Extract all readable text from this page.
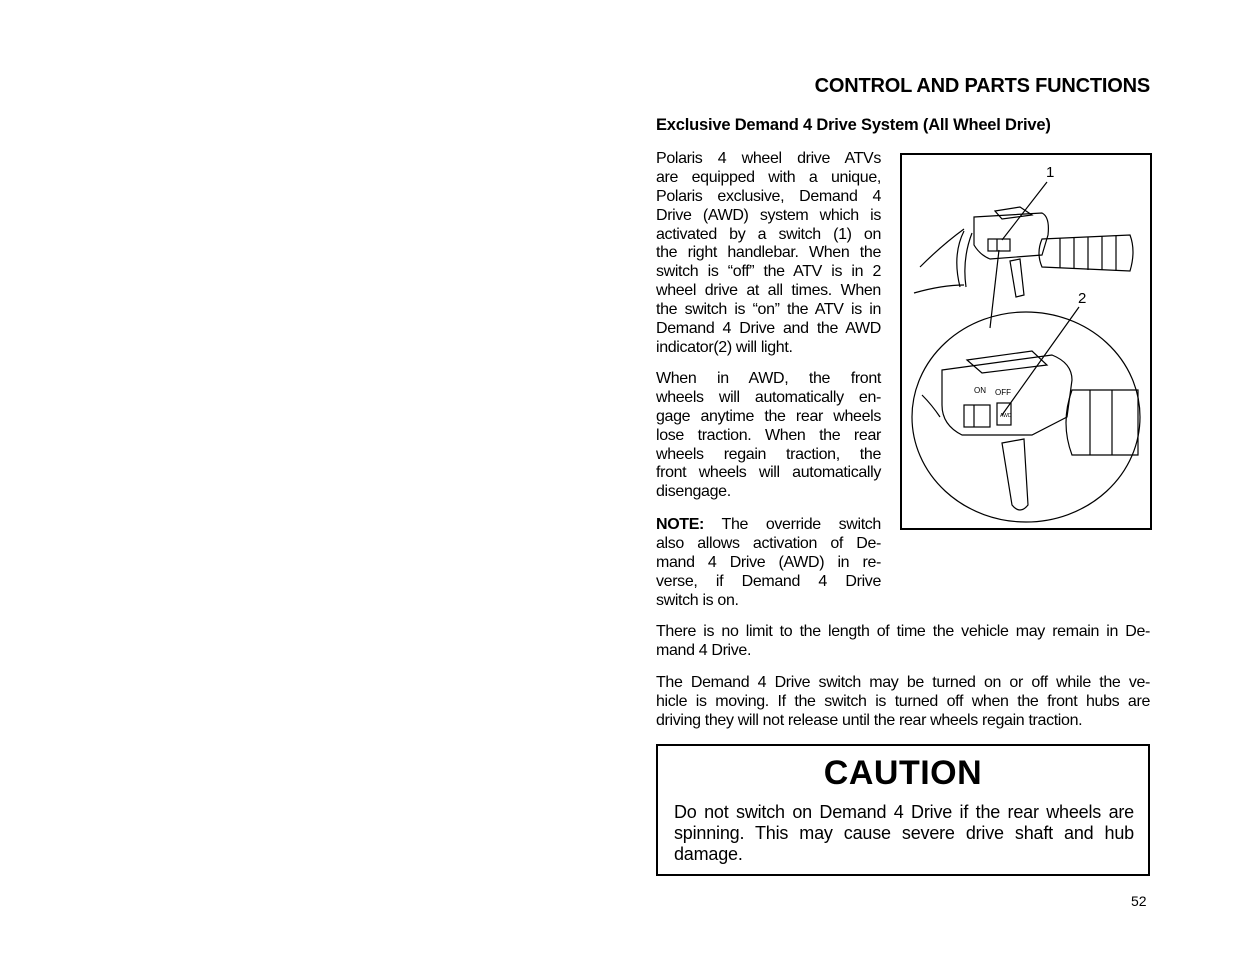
CONTROL AND PARTS FUNCTIONS
Exclusive Demand 4 Drive System (All Wheel Drive)
Polaris 4 wheel drive ATVs
are equipped with a unique,
Polaris exclusive, Demand 4
Drive (AWD) system which is
activated by a switch (1) on
the right handlebar. When the
switch is “off” the ATV is in 2
wheel drive at all times. When
the switch is “on” the ATV is in
Demand 4 Drive and the AWD
indicator(2) will light.
When in AWD, the front
wheels will automatically en-
gage anytime the rear wheels
lose traction. When the rear
wheels regain traction, the
front wheels will automatically
disengage.
NOTE: The override switch
also allows activation of De-
mand 4 Drive (AWD) in re-
verse, if Demand 4 Drive
switch is on.
There is no limit to the length of time the vehicle may remain in De-
mand 4 Drive.
The Demand 4 Drive switch may be turned on or off while the ve-
hicle is moving. If the switch is turned off when the front hubs are
driving they will not release until the rear wheels regain traction.
1
2
ON OFF
AWD
CAUTION
Do not switch on Demand 4 Drive if the rear wheels are
spinning. This may cause severe drive shaft and hub
damage.
52
